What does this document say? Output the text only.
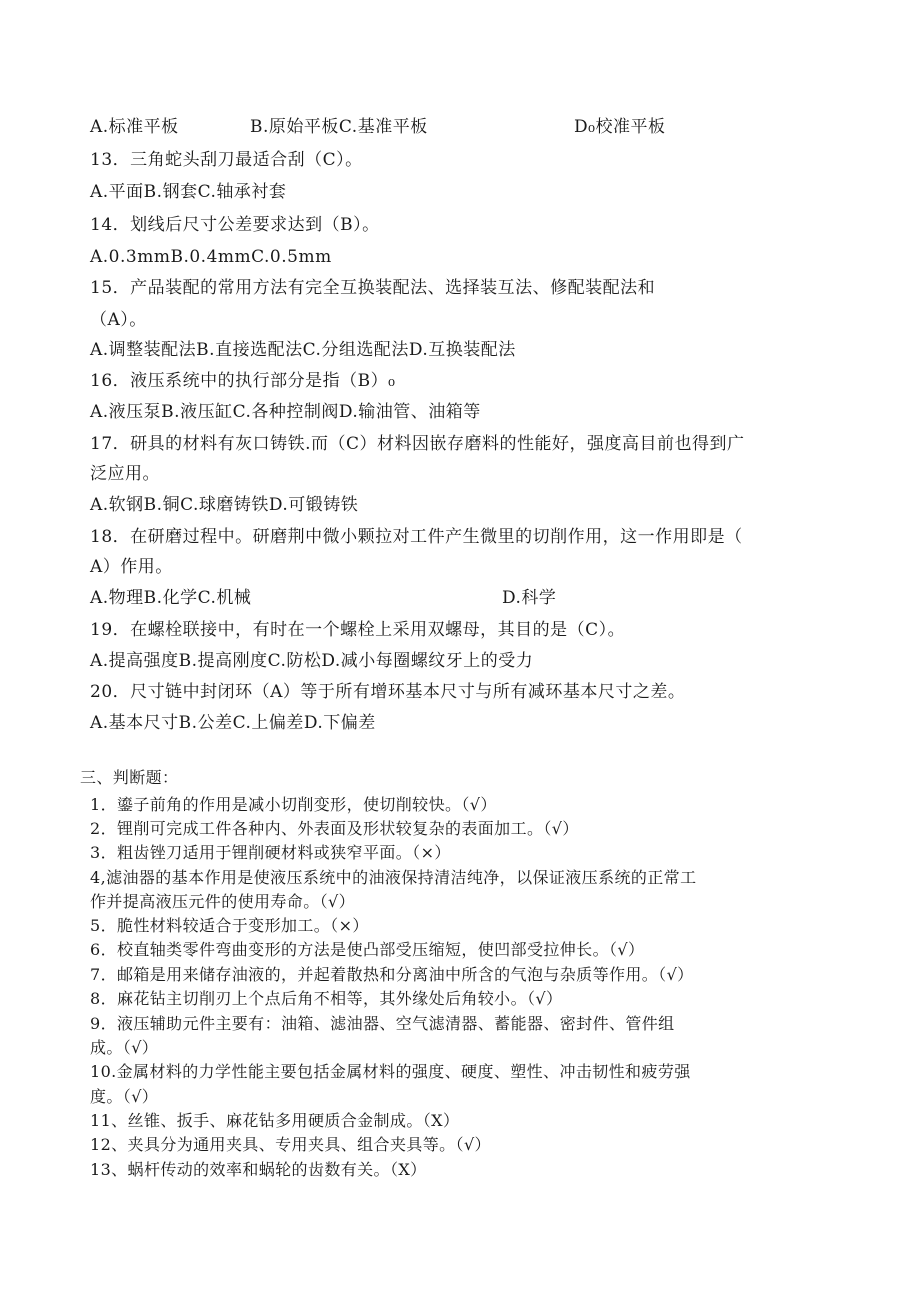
A.标准平板	B.原始平板C.基准平板	D₀校准平板
13．三角蛇头刮刀最适合刮（C）。
A.平面B.钢套C.轴承衬套
14．划线后尺寸公差要求达到（B）。
A.0.3mmB.0.4mmC.0.5mm
15．产品装配的常用方法有完全互换装配法、选择装互法、修配装配法和
（A）。
A.调整装配法B.直接选配法C.分组选配法D.互换装配法
16．液压系统中的执行部分是指（B）₀
A.液压泵B.液压缸C.各种控制阀D.输油管、油箱等
17．研具的材料有灰口铸铁.而（C）材料因嵌存磨料的性能好，强度高目前也得到广
泛应用。
A.软钢B.铜C.球磨铸铁D.可锻铸铁
18．在研磨过程中。研磨荆中微小颗拉对工件产生微里的切削作用，这一作用即是（
A）作用。
A.物理B.化学C.机械	D.科学
19．在螺栓联接中，有时在一个螺栓上采用双螺母，其目的是（C）。
A.提高强度B.提高刚度C.防松D.减小每圈螺纹牙上的受力
20．尺寸链中封闭环（A）等于所有增环基本尺寸与所有减环基本尺寸之差。
A.基本尺寸B.公差C.上偏差D.下偏差
三、判断题：
1．鎏子前角的作用是减小切削变形，使切削较快。（√）
2．锂削可完成工件各种内、外表面及形状较复杂的表面加工。（√）
3．粗齿锉刀适用于锂削硬材料或狭窄平面。（×）
4,滤油器的基本作用是使液压系统中的油液保持清洁纯净，以保证液压系统的正常工
作并提高液压元件的使用寿命。（√）
5．脆性材料较适合于变形加工。（×）
6．校直轴类零件弯曲变形的方法是使凸部受压缩短，使凹部受拉伸长。（√）
7．邮箱是用来储存油液的，并起着散热和分离油中所含的气泡与杂质等作用。（√）
8．麻花钻主切削刃上个点后角不相等，其外缘处后角较小。（√）
9．液压辅助元件主要有：油箱、滤油器、空气滤清器、蓄能器、密封件、管件组
成。（√）
10.金属材料的力学性能主要包括金属材料的强度、硬度、塑性、冲击韧性和疲劳强
度。（√）
11、丝锥、扳手、麻花钻多用硬质合金制成。（X）
12、夹具分为通用夹具、专用夹具、组合夹具等。（√）
13、蜗杆传动的效率和蜗轮的齿数有关。（X）
